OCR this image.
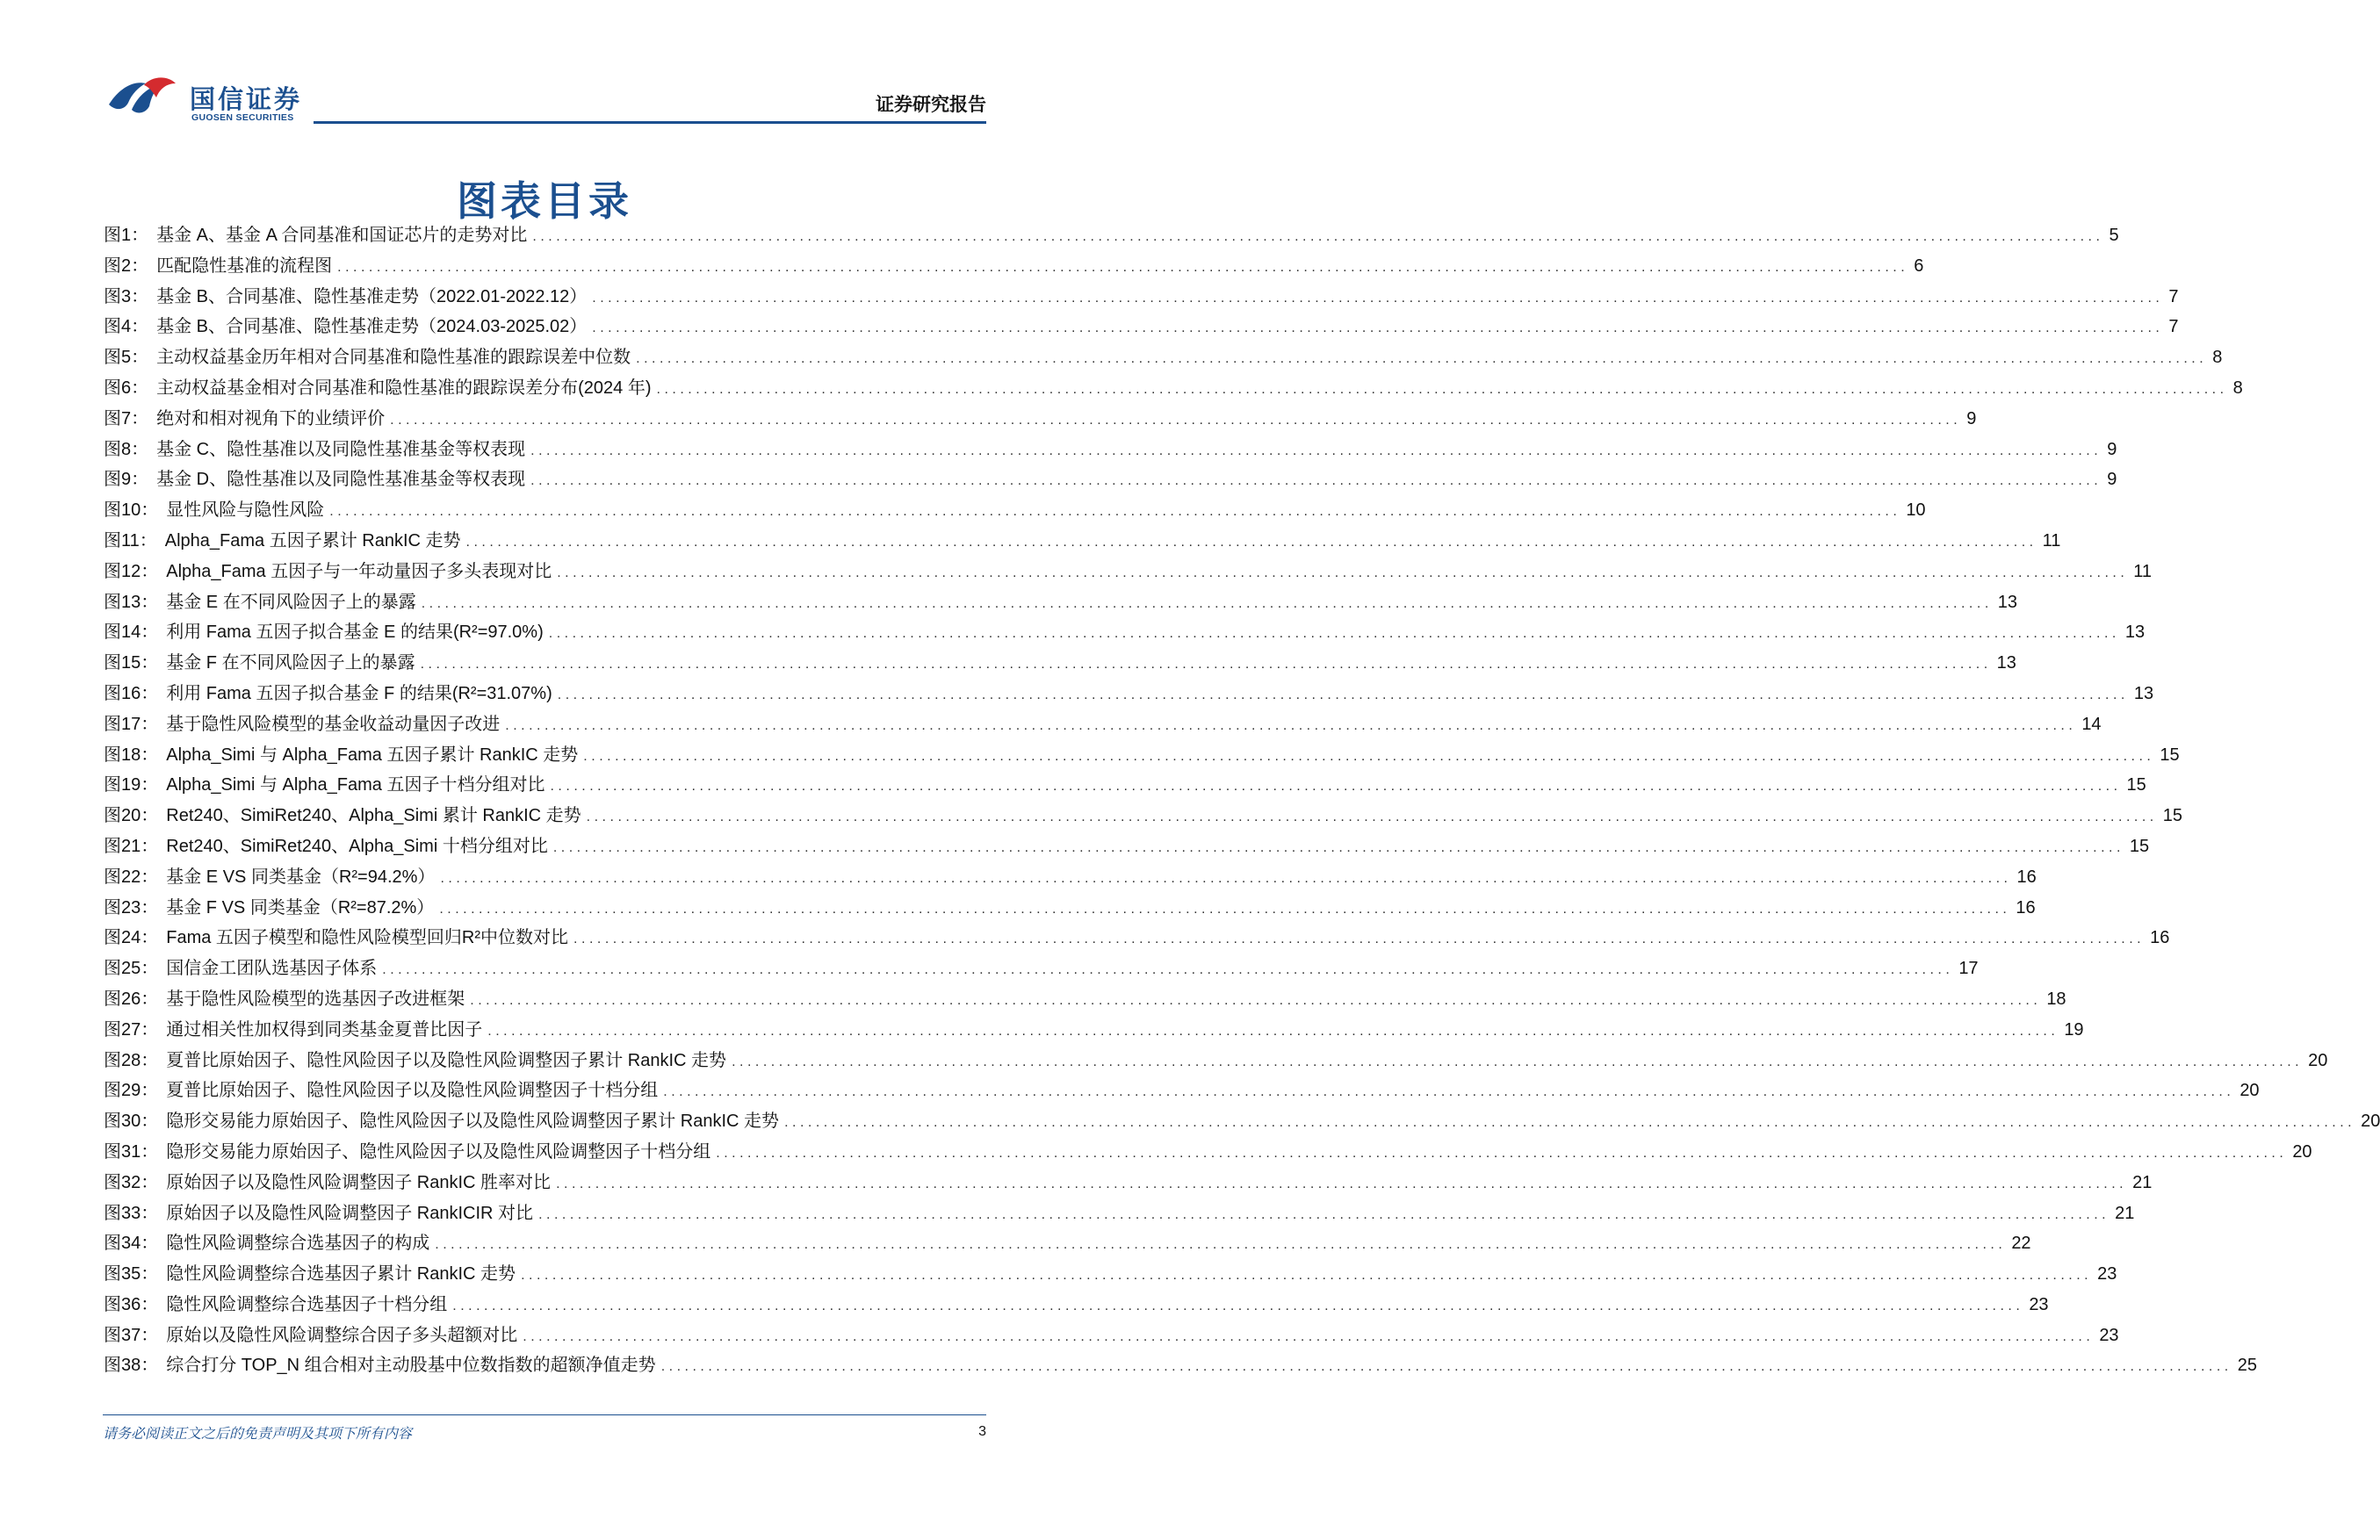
国信证券
GUOSEN SECURITIES
证券研究报告
图表目录
图1： 基金 A、基金 A 合同基准和国证芯片的走势对比 ........................................................................................................................................................................................................ 5
图2： 匹配隐性基准的流程图 ........................................................................................................................................................................................................ 6
图3： 基金 B、合同基准、隐性基准走势（2022.01-2022.12） ........................................................................................................................................................................................................ 7
图4： 基金 B、合同基准、隐性基准走势（2024.03-2025.02） ........................................................................................................................................................................................................ 7
图5： 主动权益基金历年相对合同基准和隐性基准的跟踪误差中位数 ........................................................................................................................................................................................................ 8
图6： 主动权益基金相对合同基准和隐性基准的跟踪误差分布(2024 年) ........................................................................................................................................................................................................ 8
图7： 绝对和相对视角下的业绩评价 ........................................................................................................................................................................................................ 9
图8： 基金 C、隐性基准以及同隐性基准基金等权表现 ........................................................................................................................................................................................................ 9
图9： 基金 D、隐性基准以及同隐性基准基金等权表现 ........................................................................................................................................................................................................ 9
图10： 显性风险与隐性风险 ........................................................................................................................................................................................................ 10
图11： Alpha_Fama 五因子累计 RankIC 走势 ........................................................................................................................................................................................................ 11
图12： Alpha_Fama 五因子与一年动量因子多头表现对比 ........................................................................................................................................................................................................ 11
图13： 基金 E 在不同风险因子上的暴露 ........................................................................................................................................................................................................ 13
图14： 利用 Fama 五因子拟合基金 E 的结果(R²=97.0%) ........................................................................................................................................................................................................ 13
图15： 基金 F 在不同风险因子上的暴露 ........................................................................................................................................................................................................ 13
图16： 利用 Fama 五因子拟合基金 F 的结果(R²=31.07%) ........................................................................................................................................................................................................ 13
图17： 基于隐性风险模型的基金收益动量因子改进 ........................................................................................................................................................................................................ 14
图18： Alpha_Simi 与 Alpha_Fama 五因子累计 RankIC 走势 ........................................................................................................................................................................................................ 15
图19： Alpha_Simi 与 Alpha_Fama 五因子十档分组对比 ........................................................................................................................................................................................................ 15
图20： Ret240、SimiRet240、Alpha_Simi 累计 RankIC 走势 ........................................................................................................................................................................................................ 15
图21： Ret240、SimiRet240、Alpha_Simi 十档分组对比 ........................................................................................................................................................................................................ 15
图22： 基金 E VS 同类基金（R²=94.2%） ........................................................................................................................................................................................................ 16
图23： 基金 F VS 同类基金（R²=87.2%） ........................................................................................................................................................................................................ 16
图24： Fama 五因子模型和隐性风险模型回归R²中位数对比 ........................................................................................................................................................................................................ 16
图25： 国信金工团队选基因子体系 ........................................................................................................................................................................................................ 17
图26： 基于隐性风险模型的选基因子改进框架 ........................................................................................................................................................................................................ 18
图27： 通过相关性加权得到同类基金夏普比因子 ........................................................................................................................................................................................................ 19
图28： 夏普比原始因子、隐性风险因子以及隐性风险调整因子累计 RankIC 走势 ........................................................................................................................................................................................................ 20
图29： 夏普比原始因子、隐性风险因子以及隐性风险调整因子十档分组 ........................................................................................................................................................................................................ 20
图30： 隐形交易能力原始因子、隐性风险因子以及隐性风险调整因子累计 RankIC 走势 ........................................................................................................................................................................................................ 20
图31： 隐形交易能力原始因子、隐性风险因子以及隐性风险调整因子十档分组 ........................................................................................................................................................................................................ 20
图32： 原始因子以及隐性风险调整因子 RankIC 胜率对比 ........................................................................................................................................................................................................ 21
图33： 原始因子以及隐性风险调整因子 RankICIR 对比 ........................................................................................................................................................................................................ 21
图34： 隐性风险调整综合选基因子的构成 ........................................................................................................................................................................................................ 22
图35： 隐性风险调整综合选基因子累计 RankIC 走势 ........................................................................................................................................................................................................ 23
图36： 隐性风险调整综合选基因子十档分组 ........................................................................................................................................................................................................ 23
图37： 原始以及隐性风险调整综合因子多头超额对比 ........................................................................................................................................................................................................ 23
图38： 综合打分 TOP_N 组合相对主动股基中位数指数的超额净值走势 ........................................................................................................................................................................................................ 25
请务必阅读正文之后的免责声明及其项下所有内容	3
